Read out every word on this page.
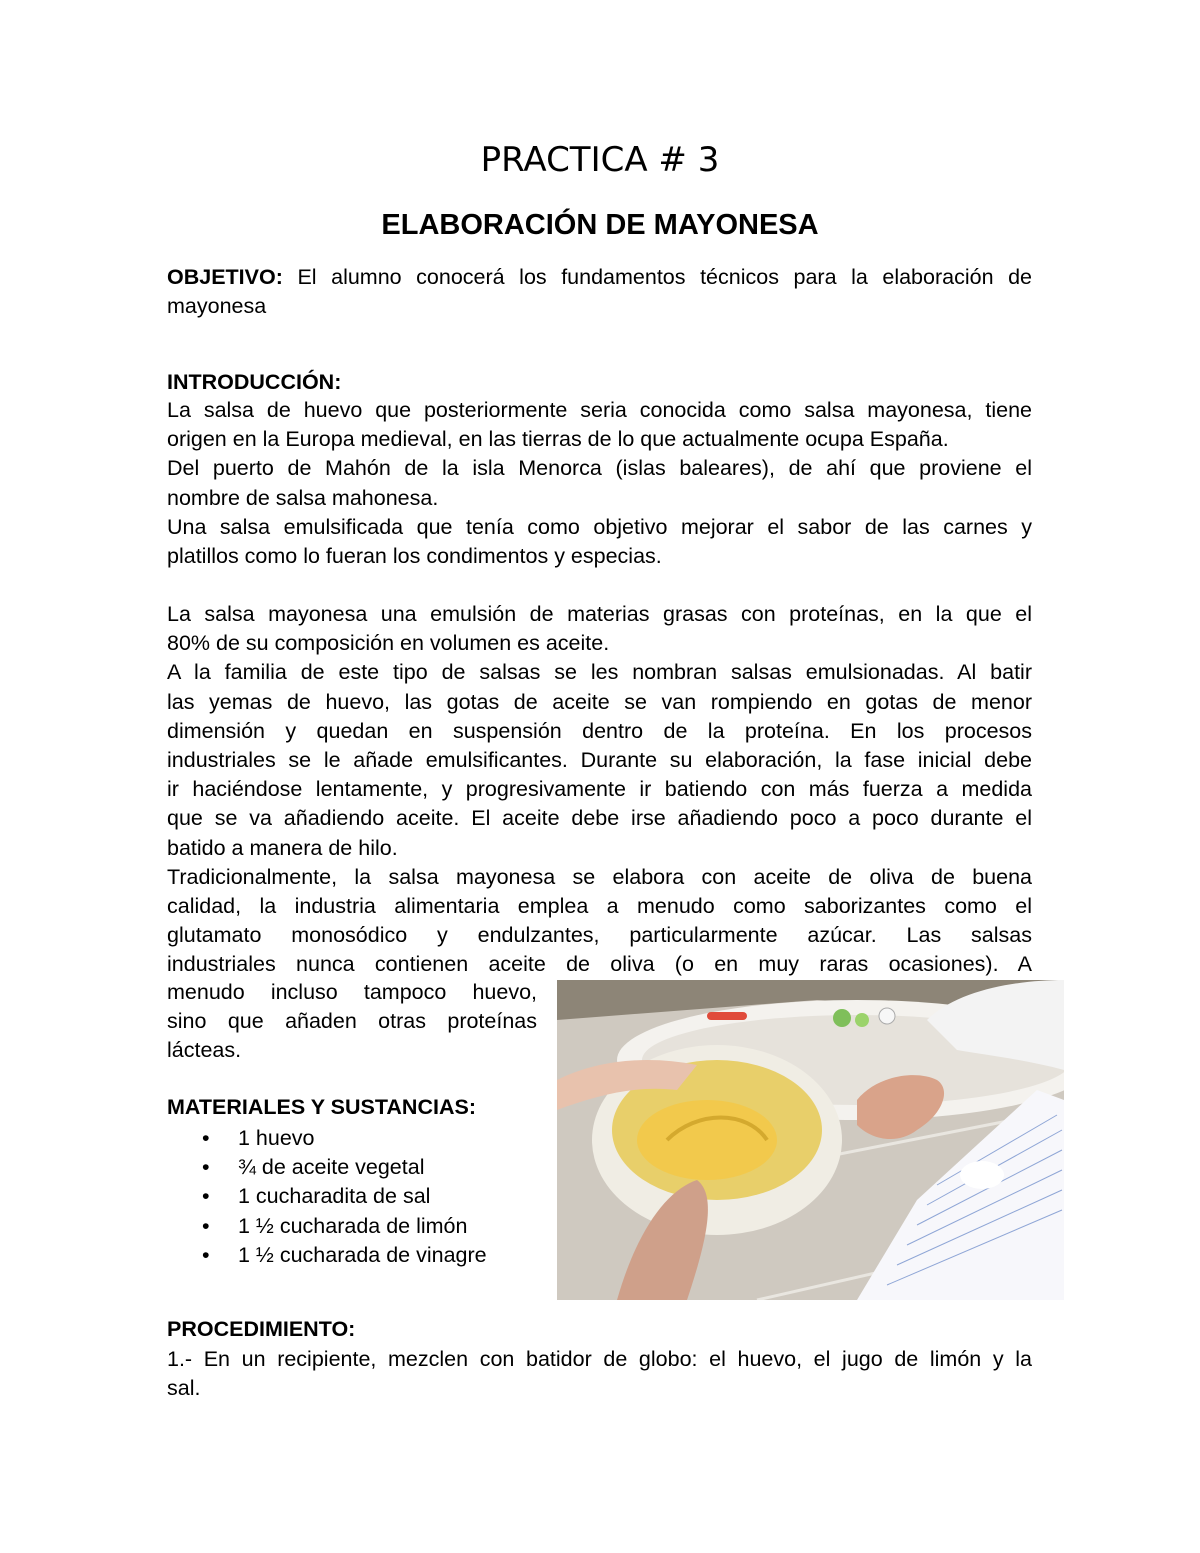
PRACTICA # 3
ELABORACIÓN DE MAYONESA
OBJETIVO: El alumno conocerá los fundamentos técnicos para la elaboración de
mayonesa
INTRODUCCIÓN:
La salsa de huevo que posteriormente seria conocida como salsa mayonesa, tiene
origen en la Europa medieval, en las tierras de lo que actualmente ocupa España.
Del puerto de Mahón de la isla Menorca (islas baleares), de ahí que proviene el
nombre de salsa mahonesa.
Una salsa emulsificada que tenía como objetivo mejorar el sabor de las carnes y
platillos como lo fueran los condimentos y especias.
La salsa mayonesa una emulsión de materias grasas con proteínas, en la que el
80% de su composición en volumen es aceite.
A la familia de este tipo de salsas se les nombran salsas emulsionadas. Al batir
las yemas de huevo, las gotas de aceite se van rompiendo en gotas de menor
dimensión y quedan en suspensión dentro de la proteína. En los procesos
industriales se le añade emulsificantes. Durante su elaboración, la fase inicial debe
ir haciéndose lentamente, y progresivamente ir batiendo con más fuerza a medida
que se va añadiendo aceite. El aceite debe irse añadiendo poco a poco durante el
batido a manera de hilo.
Tradicionalmente, la salsa mayonesa se elabora con aceite de oliva de buena
calidad, la industria alimentaria emplea a menudo como saborizantes como el
glutamato monosódico y endulzantes, particularmente azúcar. Las salsas
industriales nunca contienen aceite de oliva (o en muy raras ocasiones). A
menudo incluso tampoco huevo,
sino que añaden otras proteínas
lácteas.
MATERIALES Y SUSTANCIAS:
• 1 huevo
• ¾ de aceite vegetal
• 1 cucharadita de sal
• 1 ½ cucharada de limón
• 1 ½ cucharada de vinagre
PROCEDIMIENTO:
1.- En un recipiente, mezclen con batidor de globo: el huevo, el jugo de limón y la
sal.
